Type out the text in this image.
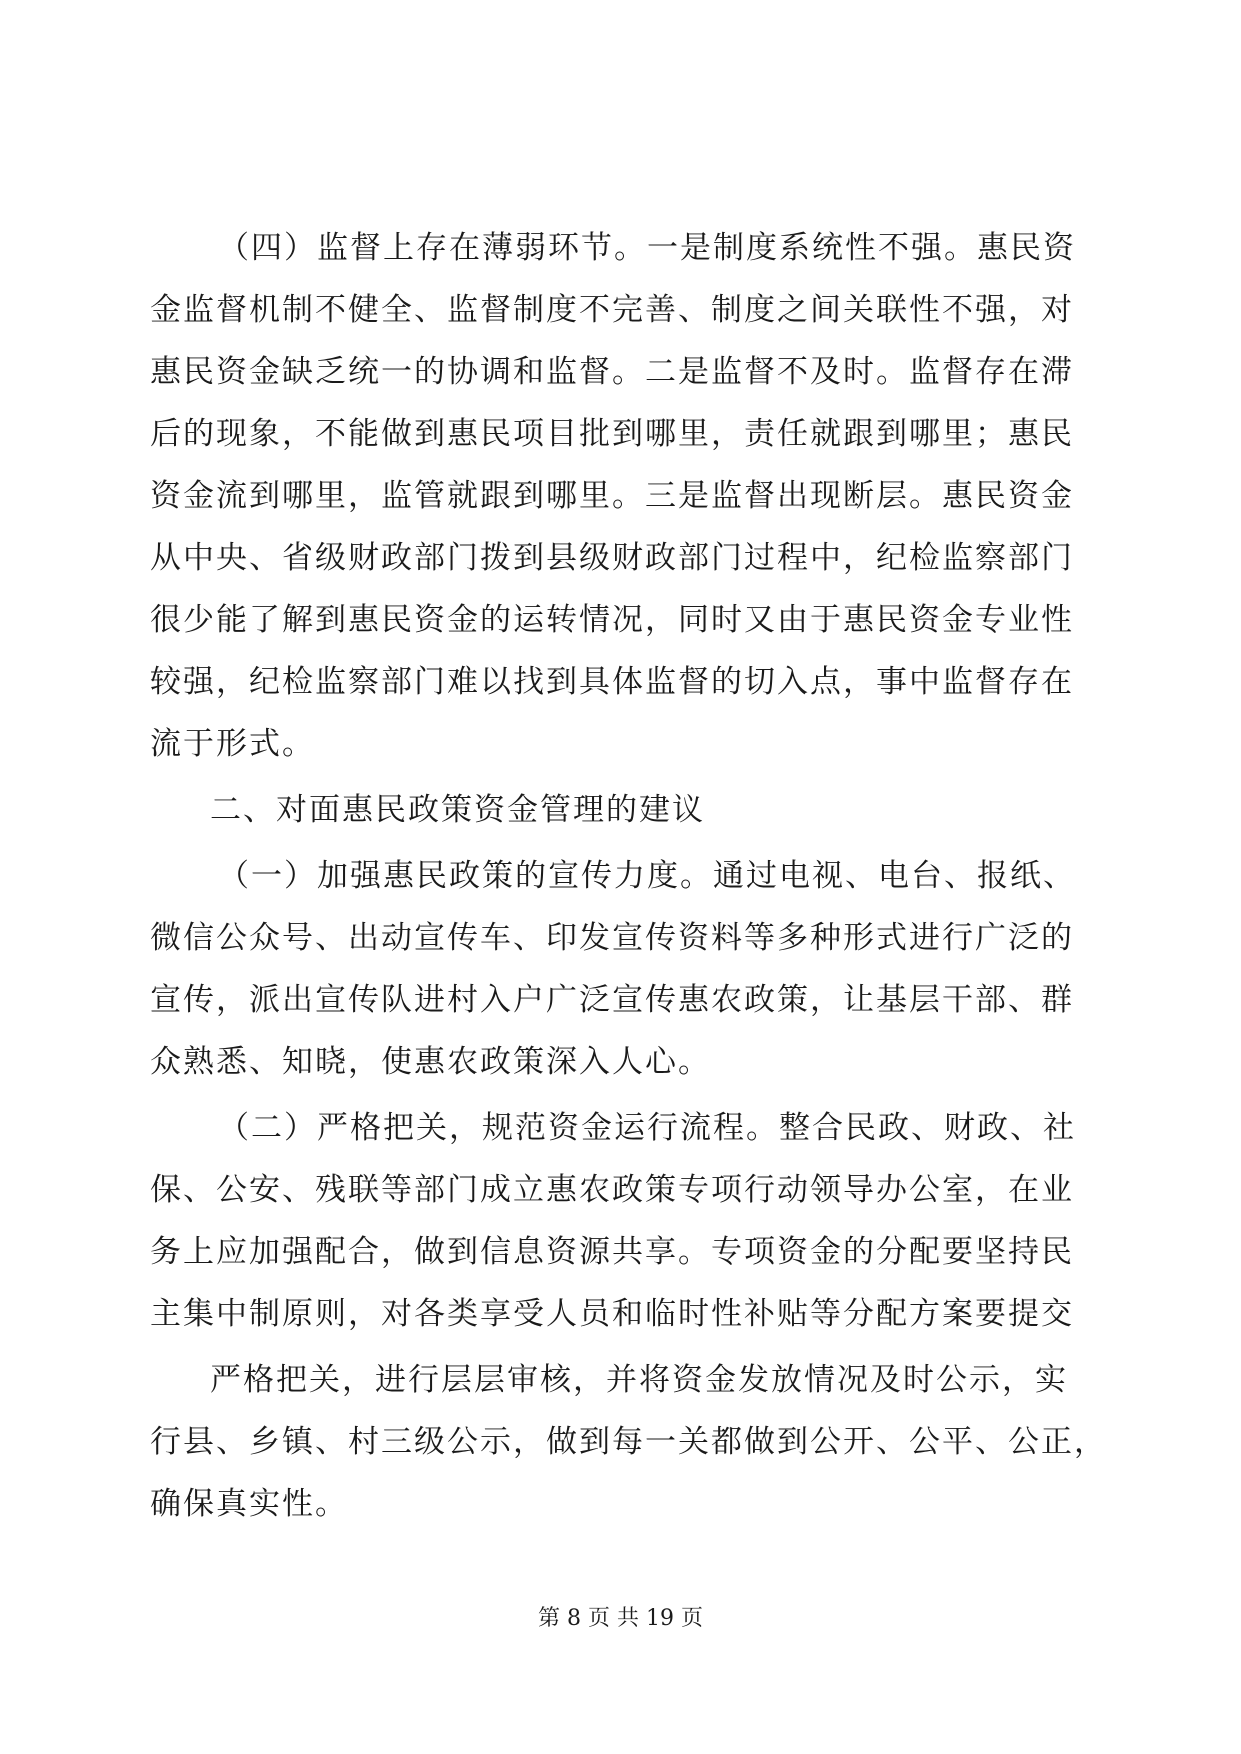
（四）监督上存在薄弱环节。一是制度系统性不强。惠民资
金监督机制不健全、监督制度不完善、制度之间关联性不强，对
惠民资金缺乏统一的协调和监督。二是监督不及时。监督存在滞
后的现象，不能做到惠民项目批到哪里，责任就跟到哪里；惠民
资金流到哪里，监管就跟到哪里。三是监督出现断层。惠民资金
从中央、省级财政部门拨到县级财政部门过程中，纪检监察部门
很少能了解到惠民资金的运转情况，同时又由于惠民资金专业性
较强，纪检监察部门难以找到具体监督的切入点，事中监督存在
流于形式。
二、对面惠民政策资金管理的建议
（一）加强惠民政策的宣传力度。通过电视、电台、报纸、
微信公众号、出动宣传车、印发宣传资料等多种形式进行广泛的
宣传，派出宣传队进村入户广泛宣传惠农政策，让基层干部、群
众熟悉、知晓，使惠农政策深入人心。
（二）严格把关，规范资金运行流程。整合民政、财政、社
保、公安、残联等部门成立惠农政策专项行动领导办公室，在业
务上应加强配合，做到信息资源共享。专项资金的分配要坚持民
主集中制原则，对各类享受人员和临时性补贴等分配方案要提交
严格把关，进行层层审核，并将资金发放情况及时公示，实
行县、乡镇、村三级公示，做到每一关都做到公开、公平、公正，
确保真实性。
第 8 页 共 19 页
